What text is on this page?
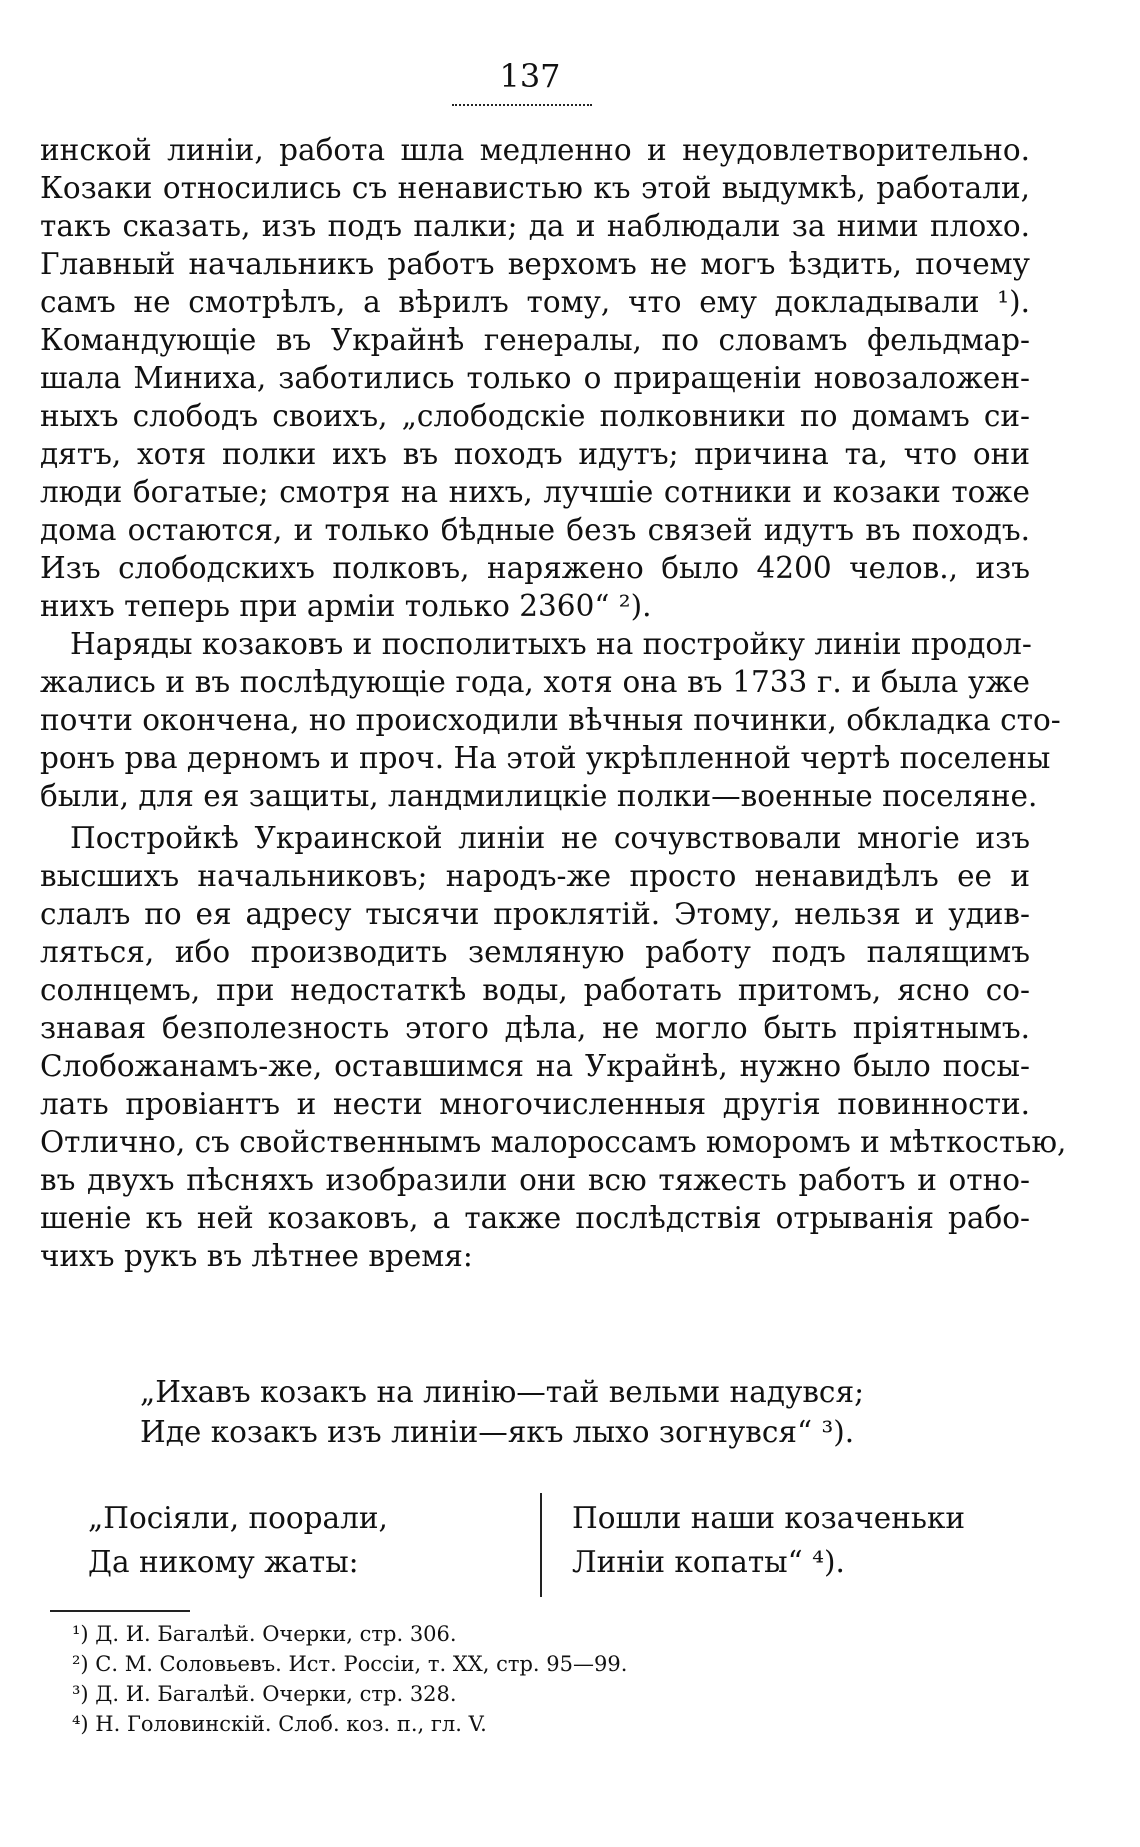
137
инской линіи, работа шла медленно и неудовлетворительно.
Козаки относились съ ненавистью къ этой выдумкѣ, работали,
такъ сказать, изъ подъ палки; да и наблюдали за ними плохо.
Главный начальникъ работъ верхомъ не могъ ѣздить, почему
самъ не смотрѣлъ, а вѣрилъ тому, что ему докладывали ¹).
Командующіе въ Украйнѣ генералы, по словамъ фельдмар-
шала Миниха, заботились только о приращеніи новозаложен-
ныхъ слободъ своихъ, „слободскіе полковники по домамъ си-
дятъ, хотя полки ихъ въ походъ идутъ; причина та, что они
люди богатые; смотря на нихъ, лучшіе сотники и козаки тоже
дома остаются, и только бѣдные безъ связей идутъ въ походъ.
Изъ слободскихъ полковъ, наряжено было 4200 челов., изъ
нихъ теперь при арміи только 2360“ ²).
Наряды козаковъ и посполитыхъ на постройку линіи продол-
жались и въ послѣдующіе года, хотя она въ 1733 г. и была уже
почти окончена, но происходили вѣчныя починки, обкладка сто-
ронъ рва дерномъ и проч. На этой укрѣпленной чертѣ поселены
были, для ея защиты, ландмилицкіе полки—военные поселяне.
Постройкѣ Украинской линіи не сочувствовали многіе изъ
высшихъ начальниковъ; народъ-же просто ненавидѣлъ ее и
слалъ по ея адресу тысячи проклятій. Этому, нельзя и удив-
ляться, ибо производить земляную работу подъ палящимъ
солнцемъ, при недостаткѣ воды, работать притомъ, ясно со-
знавая безполезность этого дѣла, не могло быть пріятнымъ.
Слобожанамъ-же, оставшимся на Украйнѣ, нужно было посы-
лать провіантъ и нести многочисленныя другія повинности.
Отлично, съ свойственнымъ малороссамъ юморомъ и мѣткостью,
въ двухъ пѣсняхъ изобразили они всю тяжесть работъ и отно-
шеніе къ ней козаковъ, а также послѣдствія отрыванія рабо-
чихъ рукъ въ лѣтнее время:
„Ихавъ козакъ на линію—тай вельми надувся;
Иде козакъ изъ линіи—якъ лыхо зогнувся“ ³).
„Посіяли, поорали,
Да никому жаты:
Пошли наши козаченьки
Линіи копаты“ ⁴).
¹) Д. И. Багалѣй. Очерки, стр. 306.
²) С. М. Соловьевъ. Ист. Россіи, т. XX, стр. 95—99.
³) Д. И. Багалѣй. Очерки, стр. 328.
⁴) Н. Головинскій. Слоб. коз. п., гл. V.
